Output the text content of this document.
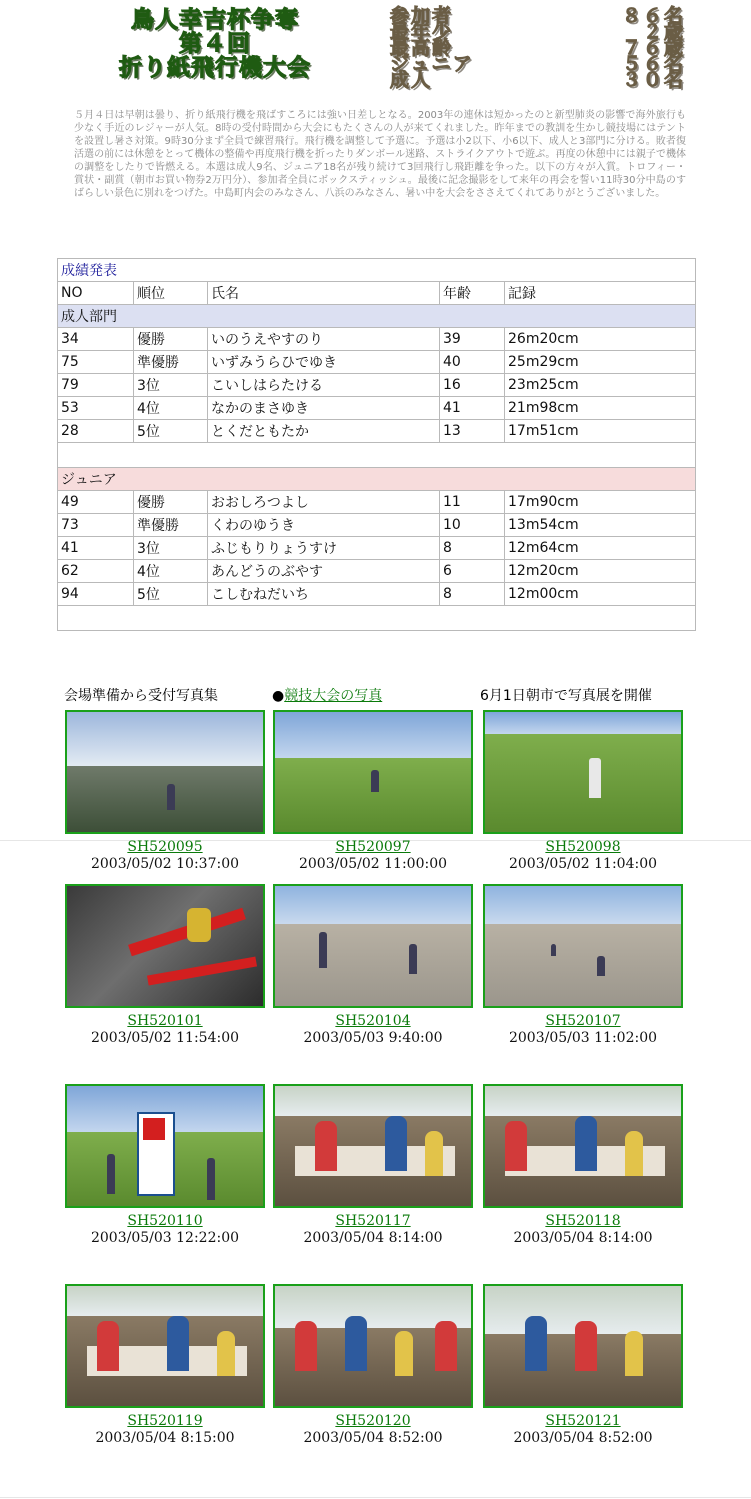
鳥人幸吉杯争奪
第４回
折り紙飛行機大会
参加者	８６名
最年少	２歳
最高齢	７６歳
ジュニア	５６名
成人	３０名
５月４日は早朝は曇り、折り紙飛行機を飛ばすころには強い日差しとなる。2003年の連休は短かったのと新型肺炎の影響で海外旅行も少なく手近のレジャーが人気。8時の受付時間から大会にもたくさんの人が来てくれました。昨年までの教訓を生かし競技場にはテントを設置し暑さ対策。9時30分まず全員で練習飛行。飛行機を調整して予選に。予選は小2以下、小6以下、成人と3部門に分ける。敗者復活選の前には休憩をとって機体の整備や再度飛行機を折ったりダンボール迷路、ストライクアウトで遊ぶ。再度の休憩中には親子で機体の調整をしたりで皆燃える。本選は成人9名、ジュニア18名が残り続けて3回飛行し飛距離を争った。以下の方々が入賞。トロフィー・賞状・副賞（朝市お買い物券2万円分）、参加者全員にボックスティッシュ。最後に記念撮影をして来年の再会を誓い11時30分中島のすばらしい景色に別れをつげた。中島町内会のみなさん、八浜のみなさん、暑い中を大会をささえてくれてありがとうございました。
成績発表				
NO	順位	氏名	年齢	記録
成人部門				
34	優勝	いのうえやすのり	39	26m20cm
75	準優勝	いずみうらひでゆき	40	25m29cm
79	3位	こいしはらたける	16	23m25cm
53	4位	なかのまさゆき	41	21m98cm
28	5位	とくだともたか	13	17m51cm

ジュニア				
49	優勝	おおしろつよし	11	17m90cm
73	準優勝	くわのゆうき	10	13m54cm
41	3位	ふじもりりょうすけ	8	12m64cm
62	4位	あんどうのぶやす	6	12m20cm
94	5位	こしむねだいち	8	12m00cm

会場準備から受付写真集	●競技大会の写真	6月1日朝市で写真展を開催
SH520095
2003/05/02 10:37:00
SH520097
2003/05/02 11:00:00
SH520098
2003/05/02 11:04:00
SH520101
2003/05/02 11:54:00
SH520104
2003/05/03 9:40:00
SH520107
2003/05/03 11:02:00
SH520110
2003/05/03 12:22:00
SH520117
2003/05/04 8:14:00
SH520118
2003/05/04 8:14:00
SH520119
2003/05/04 8:15:00
SH520120
2003/05/04 8:52:00
SH520121
2003/05/04 8:52:00
